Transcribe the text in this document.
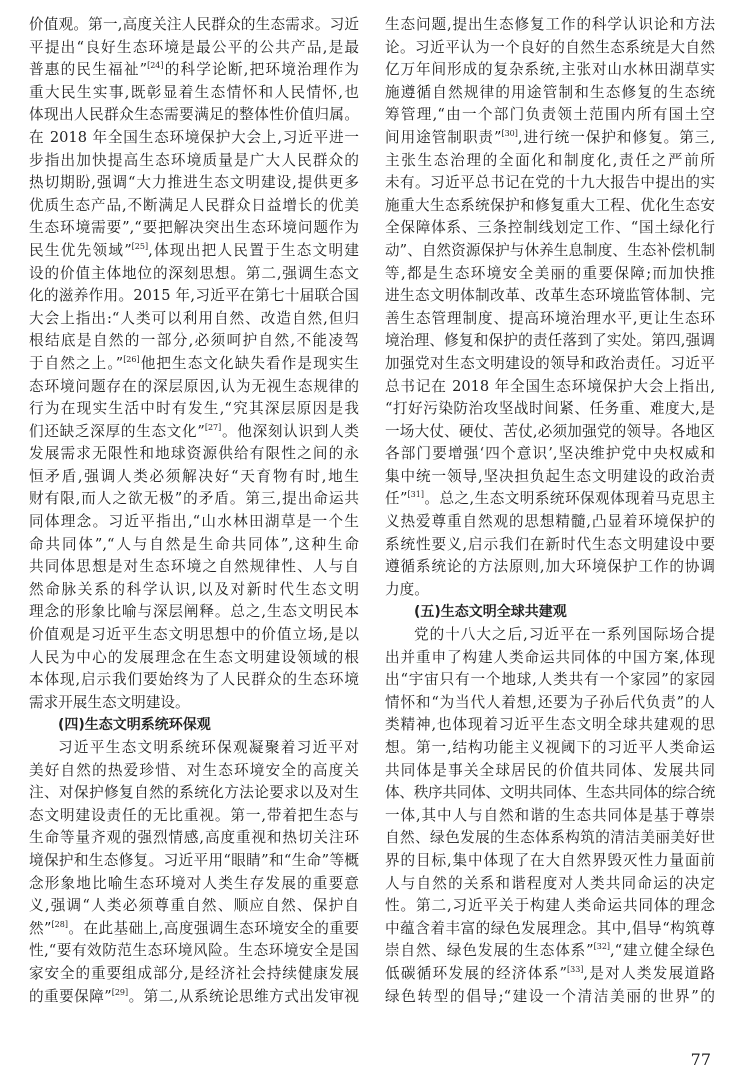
价值观。第一,高度关注人民群众的生态需求。习近
平提出“良好生态环境是最公平的公共产品,是最
普惠的民生福祉”[24]的科学论断,把环境治理作为
重大民生实事,既彰显着生态情怀和人民情怀,也
体现出人民群众生态需要满足的整体性价值归属。
在 2018 年全国生态环境保护大会上,习近平进一
步指出加快提高生态环境质量是广大人民群众的
热切期盼,强调“大力推进生态文明建设,提供更多
优质生态产品,不断满足人民群众日益增长的优美
生态环境需要”,“要把解决突出生态环境问题作为
民生优先领域”[25],体现出把人民置于生态文明建
设的价值主体地位的深刻思想。第二,强调生态文
化的滋养作用。2015 年,习近平在第七十届联合国
大会上指出:“人类可以利用自然、改造自然,但归
根结底是自然的一部分,必须呵护自然,不能凌驾
于自然之上。”[26]他把生态文化缺失看作是现实生
态环境问题存在的深层原因,认为无视生态规律的
行为在现实生活中时有发生,“究其深层原因是我
们还缺乏深厚的生态文化”[27]。他深刻认识到人类
发展需求无限性和地球资源供给有限性之间的永
恒矛盾,强调人类必须解决好“天育物有时,地生
财有限,而人之欲无极”的矛盾。第三,提出命运共
同体理念。习近平指出,“山水林田湖草是一个生
命共同体”,“人与自然是生命共同体”,这种生命
共同体思想是对生态环境之自然规律性、人与自
然命脉关系的科学认识,以及对新时代生态文明
理念的形象比喻与深层阐释。总之,生态文明民本
价值观是习近平生态文明思想中的价值立场,是以
人民为中心的发展理念在生态文明建设领域的根
本体现,启示我们要始终为了人民群众的生态环境
需求开展生态文明建设。
(四)生态文明系统环保观
习近平生态文明系统环保观凝聚着习近平对
美好自然的热爱珍惜、对生态环境安全的高度关
注、对保护修复自然的系统化方法论要求以及对生
态文明建设责任的无比重视。第一,带着把生态与
生命等量齐观的强烈情感,高度重视和热切关注环
境保护和生态修复。习近平用“眼睛”和“生命”等概
念形象地比喻生态环境对人类生存发展的重要意
义,强调“人类必须尊重自然、顺应自然、保护自
然”[28]。在此基础上,高度强调生态环境安全的重要
性,“要有效防范生态环境风险。生态环境安全是国
家安全的重要组成部分,是经济社会持续健康发展
的重要保障”[29]。第二,从系统论思维方式出发审视
生态问题,提出生态修复工作的科学认识论和方法
论。习近平认为一个良好的自然生态系统是大自然
亿万年间形成的复杂系统,主张对山水林田湖草实
施遵循自然规律的用途管制和生态修复的生态统
筹管理,“由一个部门负责领土范围内所有国土空
间用途管制职责”[30],进行统一保护和修复。第三,
主张生态治理的全面化和制度化,责任之严前所
未有。习近平总书记在党的十九大报告中提出的实
施重大生态系统保护和修复重大工程、优化生态安
全保障体系、三条控制线划定工作、“国土绿化行
动”、自然资源保护与休养生息制度、生态补偿机制
等,都是生态环境安全美丽的重要保障;而加快推
进生态文明体制改革、改革生态环境监管体制、完
善生态管理制度、提高环境治理水平,更让生态环
境治理、修复和保护的责任落到了实处。第四,强调
加强党对生态文明建设的领导和政治责任。习近平
总书记在 2018 年全国生态环境保护大会上指出,
“打好污染防治攻坚战时间紧、任务重、难度大,是
一场大仗、硬仗、苦仗,必须加强党的领导。各地区
各部门要增强‘四个意识’,坚决维护党中央权威和
集中统一领导,坚决担负起生态文明建设的政治责
任”[31]。总之,生态文明系统环保观体现着马克思主
义热爱尊重自然观的思想精髓,凸显着环境保护的
系统性要义,启示我们在新时代生态文明建设中要
遵循系统论的方法原则,加大环境保护工作的协调
力度。
(五)生态文明全球共建观
党的十八大之后,习近平在一系列国际场合提
出并重申了构建人类命运共同体的中国方案,体现
出“宇宙只有一个地球,人类共有一个家园”的家园
情怀和“为当代人着想,还要为子孙后代负责”的人
类精神,也体现着习近平生态文明全球共建观的思
想。第一,结构功能主义视阈下的习近平人类命运
共同体是事关全球居民的价值共同体、发展共同
体、秩序共同体、文明共同体、生态共同体的综合统
一体,其中人与自然和谐的生态共同体是基于尊崇
自然、绿色发展的生态体系构筑的清洁美丽美好世
界的目标,集中体现了在大自然界毁灭性力量面前
人与自然的关系和谐程度对人类共同命运的决定
性。第二,习近平关于构建人类命运共同体的理念
中蕴含着丰富的绿色发展理念。其中,倡导“构筑尊
崇自然、绿色发展的生态体系”[32],“建立健全绿色
低碳循环发展的经济体系”[33],是对人类发展道路
绿色转型的倡导;“建设一个清洁美丽的世界”的
77
